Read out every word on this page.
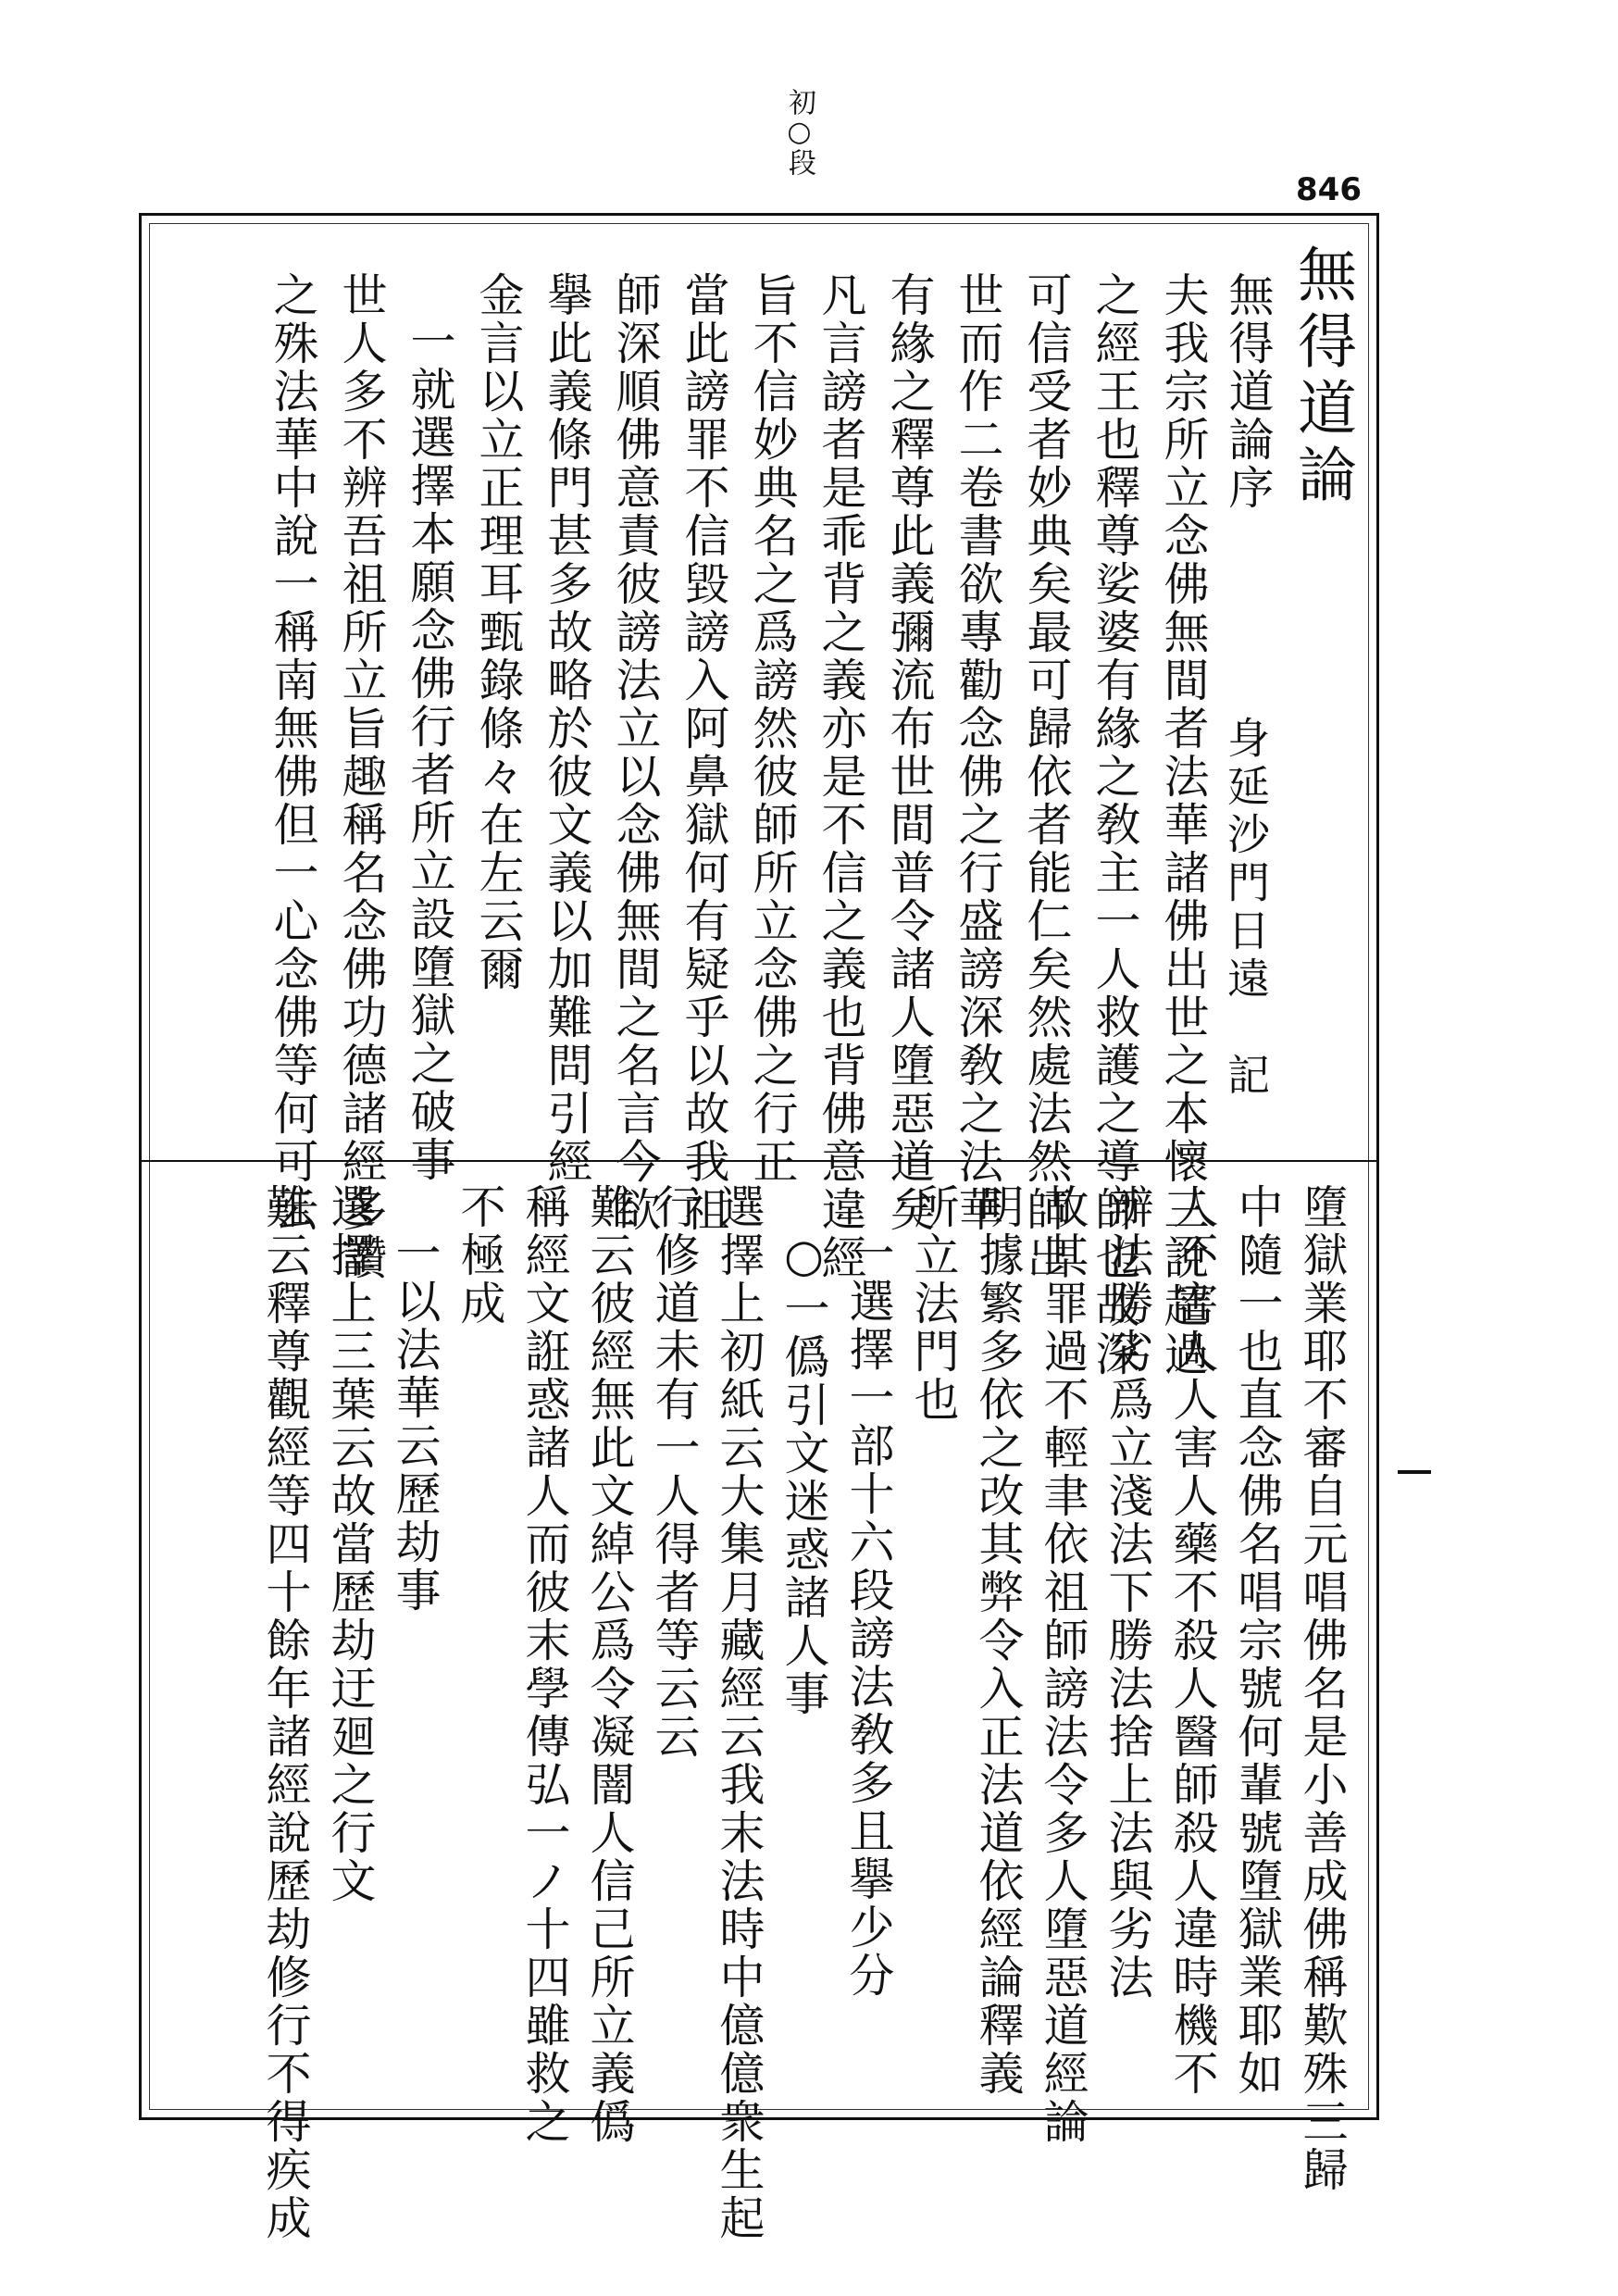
初○段
846
無得道論
無得道論序
身延沙門日遠　記
夫我宗所立念佛無間者法華諸佛出世之本懷三說超過
之經王也釋尊娑婆有緣之敎主一人救護之導師也故深
可信受者妙典矣最可歸依者能仁矣然處法然師出
世而作二卷書欲專勸念佛之行盛謗深敎之法華
有緣之釋尊此義彌流布世間普令諸人墮惡道矣
凡言謗者是乖背之義亦是不信之義也背佛意違經
旨不信妙典名之爲謗然彼師所立念佛之行正
當此謗罪不信毀謗入阿鼻獄何有疑乎以故我祖
師深順佛意責彼謗法立以念佛無間之名言今欲
擧此義條門甚多故略於彼文義以加難問引經
金言以立正理耳甄錄條々在左云爾
一就選擇本願念佛行者所立設墮獄之破事
世人多不辨吾祖所立旨趣稱名念佛功德諸經多讚
之殊法華中說一稱南無佛但一心念佛等何可云
墮獄業耶不審自元唱佛名是小善成佛稱歎殊三歸
中隨一也直念佛名唱宗號何輩號墮獄業耶如
人不害人人害人藥不殺人醫師殺人違時機不
辨法勝劣爲立淺法下勝法捨上法與劣法
故其罪過不輕聿依祖師謗法令多人墮惡道經論
明據繁多依之改其弊令入正法道依經論釋義
所立法門也
一選擇一部十六段謗法敎多且擧少分
○一僞引文迷惑諸人事
選擇上初紙云大集月藏經云我末法時中億億衆生起
行修道未有一人得者等云云
難云彼經無此文綽公爲令凝闇人信己所立義僞
稱經文誑惑諸人而彼末學傳弘一ノ十四雖救之
不極成
一以法華云歷劫事
選擇上三葉云故當歷劫迂廻之行文
難云釋尊觀經等四十餘年諸經說歷劫修行不得疾成
